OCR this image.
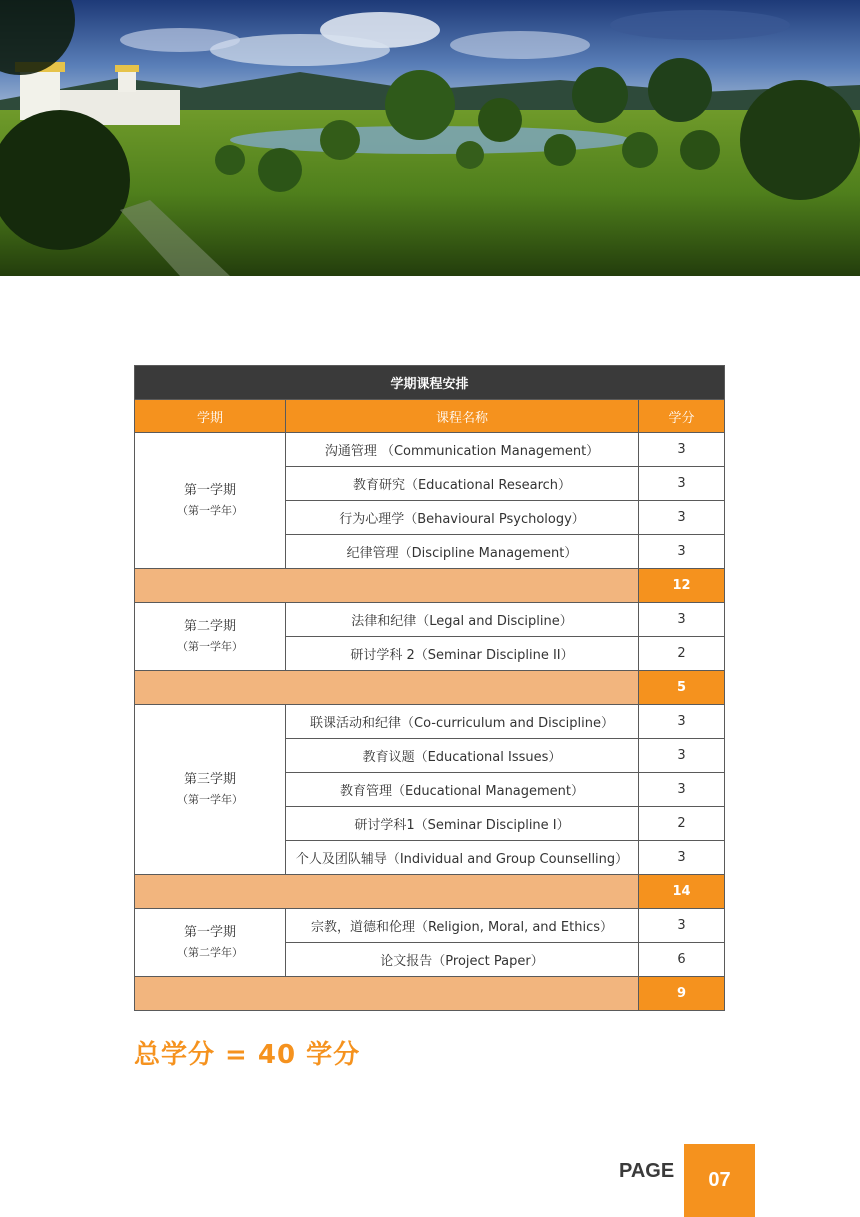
学期课程安排		
学期	课程名称	学分

第一学期
（第一学年）	沟通管理 （Communication Management）	3
	教育研究（Educational Research）	3
	行为心理学（Behavioural Psychology）	3
	纪律管理（Discipline Management）	3
		12

第二学期
（第一学年）	法律和纪律（Legal and Discipline）	3
	研讨学科 2（Seminar Discipline II）	2
		5

第三学期
（第一学年）	联课活动和纪律（Co-curriculum and Discipline）	3
	教育议题（Educational Issues）	3
	教育管理（Educational Management）	3
	研讨学科1（Seminar Discipline I）	2
	个人及团队辅导（Individual and Group Counselling）	3
		14

第一学期
（第二学年）	宗教，道德和伦理（Religion, Moral, and Ethics）	3
	论文报告（Project Paper）	6
		9
总学分 = 40 学分
PAGE	07
